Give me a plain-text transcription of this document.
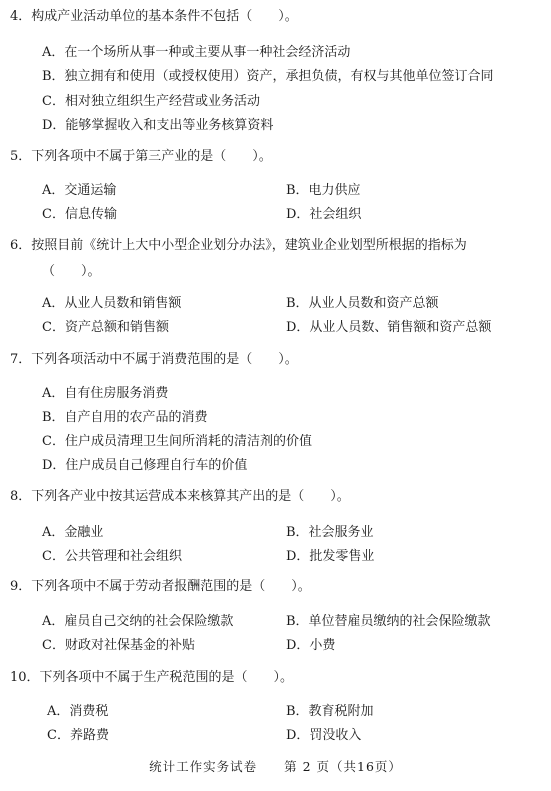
4．构成产业活动单位的基本条件不包括（　　）。
A．在一个场所从事一种或主要从事一种社会经济活动
B．独立拥有和使用（或授权使用）资产，承担负债，有权与其他单位签订合同
C．相对独立组织生产经营或业务活动
D．能够掌握收入和支出等业务核算资料
5．下列各项中不属于第三产业的是（　　）。
A．交通运输	B．电力供应
C．信息传输	D．社会组织
6．按照目前《统计上大中小型企业划分办法》，建筑业企业划型所根据的指标为
（　　）。
A．从业人员数和销售额	B．从业人员数和资产总额
C．资产总额和销售额	D．从业人员数、销售额和资产总额
7．下列各项活动中不属于消费范围的是（　　）。
A．自有住房服务消费
B．自产自用的农产品的消费
C．住户成员清理卫生间所消耗的清洁剂的价值
D．住户成员自己修理自行车的价值
8．下列各产业中按其运营成本来核算其产出的是（　　）。
A．金融业	B．社会服务业
C．公共管理和社会组织	D．批发零售业
9．下列各项中不属于劳动者报酬范围的是（　　）。
A．雇员自己交纳的社会保险缴款	B．单位替雇员缴纳的社会保险缴款
C．财政对社保基金的补贴	D．小费
10．下列各项中不属于生产税范围的是（　　）。
A．消费税	B．教育税附加
C．养路费	D．罚没收入
统计工作实务试卷　　第 2 页（共16页）
